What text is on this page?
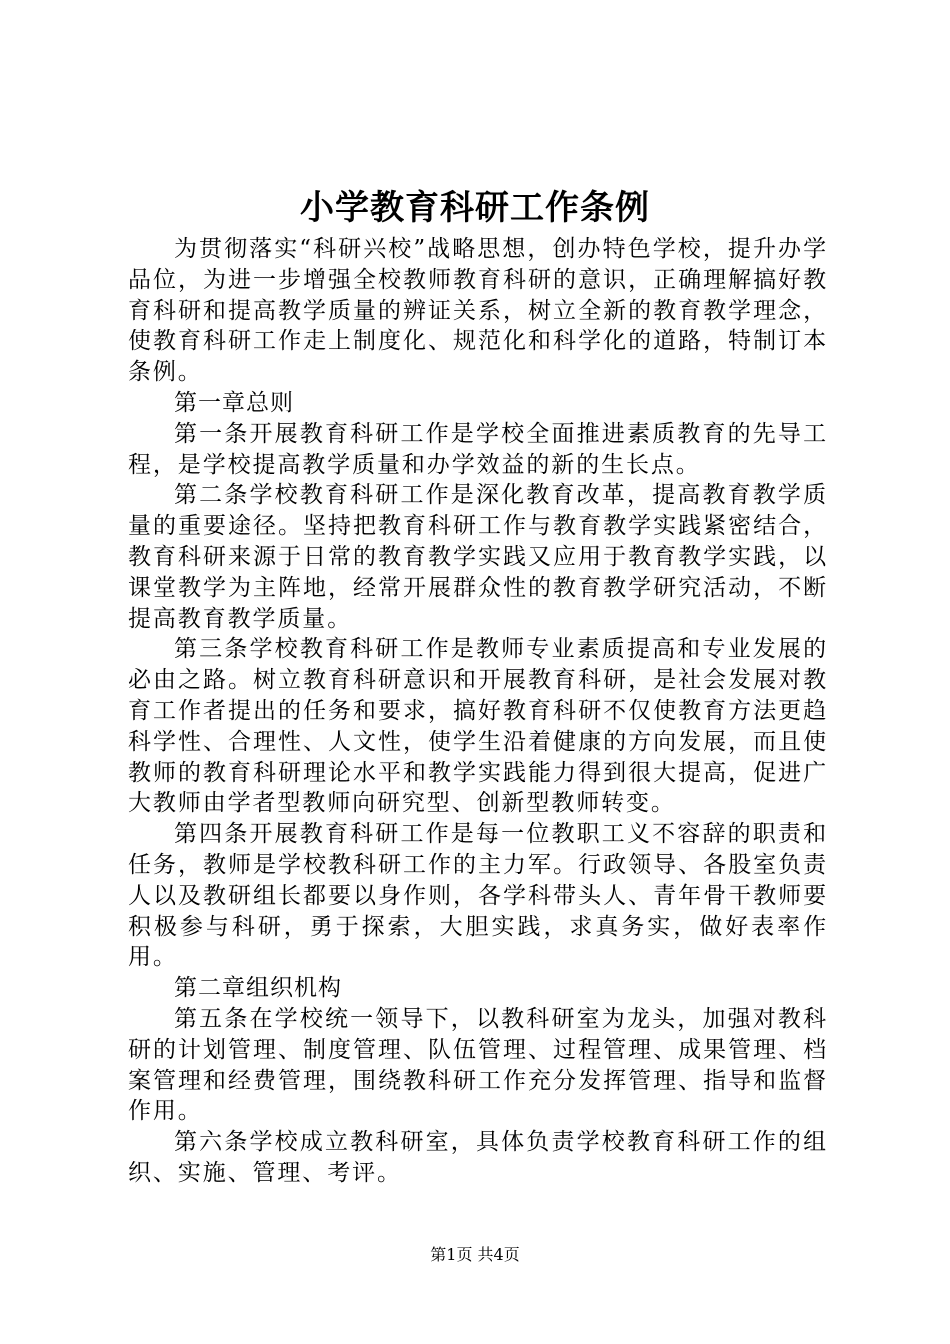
小学教育科研工作条例

为贯彻落实“科研兴校”战略思想，创办特色学校，提升办学品位，为进一步增强全校教师教育科研的意识，正确理解搞好教育科研和提高教学质量的辨证关系，树立全新的教育教学理念，使教育科研工作走上制度化、规范化和科学化的道路，特制订本条例。

第一章总则

第一条开展教育科研工作是学校全面推进素质教育的先导工程，是学校提高教学质量和办学效益的新的生长点。

第二条学校教育科研工作是深化教育改革，提高教育教学质量的重要途径。坚持把教育科研工作与教育教学实践紧密结合，教育科研来源于日常的教育教学实践又应用于教育教学实践，以课堂教学为主阵地，经常开展群众性的教育教学研究活动，不断提高教育教学质量。

第三条学校教育科研工作是教师专业素质提高和专业发展的必由之路。树立教育科研意识和开展教育科研，是社会发展对教育工作者提出的任务和要求，搞好教育科研不仅使教育方法更趋科学性、合理性、人文性，使学生沿着健康的方向发展，而且使教师的教育科研理论水平和教学实践能力得到很大提高，促进广大教师由学者型教师向研究型、创新型教师转变。

第四条开展教育科研工作是每一位教职工义不容辞的职责和任务，教师是学校教科研工作的主力军。行政领导、各股室负责人以及教研组长都要以身作则，各学科带头人、青年骨干教师要积极参与科研，勇于探索，大胆实践，求真务实，做好表率作用。

第二章组织机构

第五条在学校统一领导下，以教科研室为龙头，加强对教科研的计划管理、制度管理、队伍管理、过程管理、成果管理、档案管理和经费管理，围绕教科研工作充分发挥管理、指导和监督作用。

第六条学校成立教科研室，具体负责学校教育科研工作的组织、实施、管理、考评。

第1页 共4页
